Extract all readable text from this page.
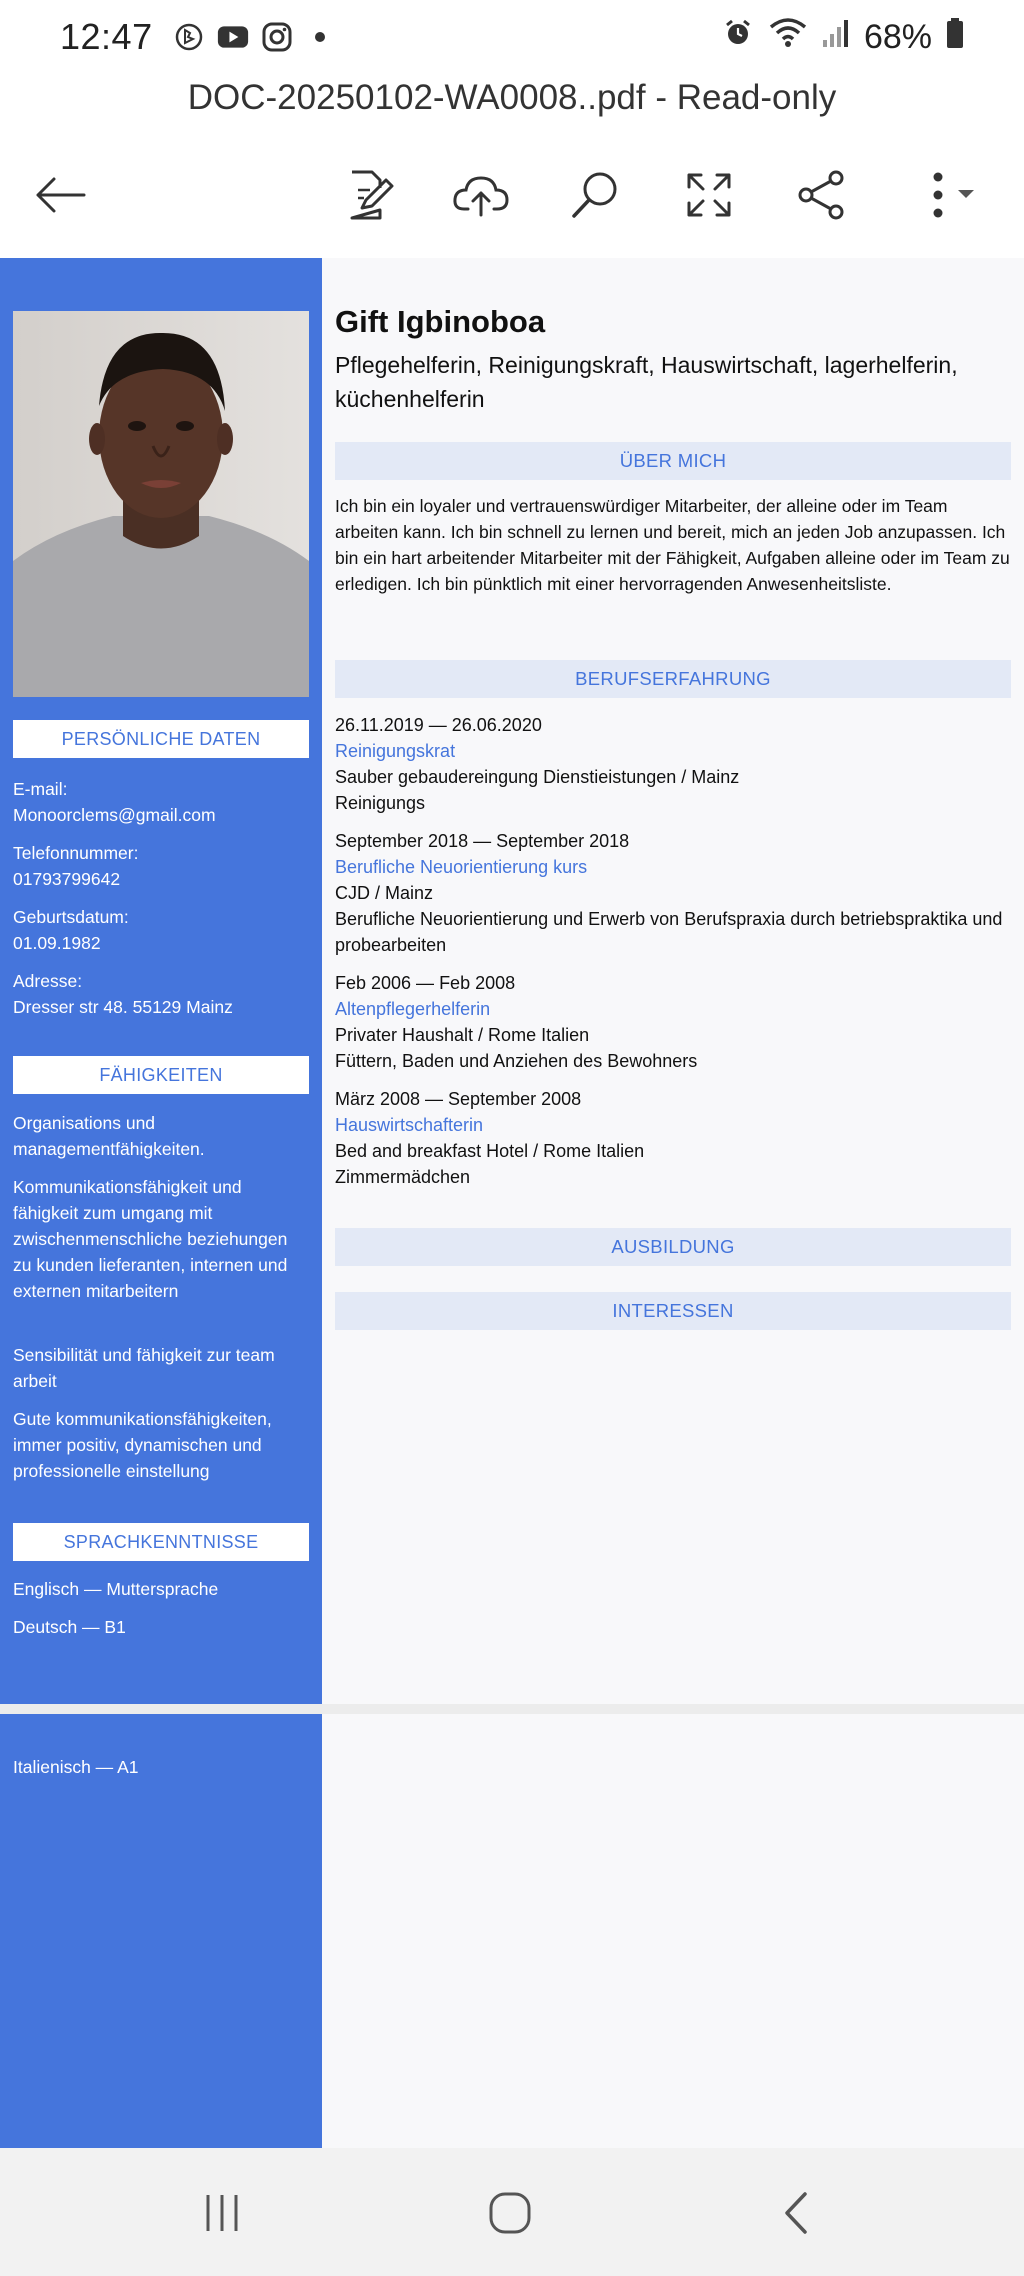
12:47	68%
DOC-20250102-WA0008..pdf - Read-only
PERSÖNLICHE DATEN
E-mail:
Monoorclems@gmail.com
Telefonnummer:
01793799642
Geburtsdatum:
01.09.1982
Adresse:
Dresser str 48. 55129 Mainz
FÄHIGKEITEN
Organisations und managementfähigkeiten.
Kommunikationsfähigkeit und fähigkeit zum umgang mit zwischenmenschliche beziehungen zu kunden lieferanten, internen und externen mitarbeitern
Sensibilität und fähigkeit zur team arbeit
Gute kommunikationsfähigkeiten, immer positiv, dynamischen und professionelle einstellung
SPRACHKENNTNISSE
Englisch — Muttersprache
Deutsch — B1
Gift Igbinoboa
Pflegehelferin, Reinigungskraft, Hauswirtschaft, lagerhelferin, küchenhelferin
ÜBER MICH
Ich bin ein loyaler und vertrauenswürdiger Mitarbeiter, der alleine oder im Team arbeiten kann. Ich bin schnell zu lernen und bereit, mich an jeden Job anzupassen. Ich bin ein hart arbeitender Mitarbeiter mit der Fähigkeit, Aufgaben alleine oder im Team zu erledigen. Ich bin pünktlich mit einer hervorragenden Anwesenheitsliste.
BERUFSERFAHRUNG
26.11.2019 — 26.06.2020
Reinigungskrat
Sauber gebaudereingung Dienstieistungen / Mainz
Reinigungs
September 2018 — September 2018
Berufliche Neuorientierung kurs
CJD / Mainz
Berufliche Neuorientierung und Erwerb von Berufspraxia durch betriebspraktika und probearbeiten
Feb 2006 — Feb 2008
Altenpflegerhelferin
Privater Haushalt / Rome Italien
Füttern, Baden und Anziehen des Bewohners
März 2008 — September 2008
Hauswirtschafterin
Bed and breakfast Hotel / Rome Italien
Zimmermädchen
AUSBILDUNG
INTERESSEN
Italienisch — A1
